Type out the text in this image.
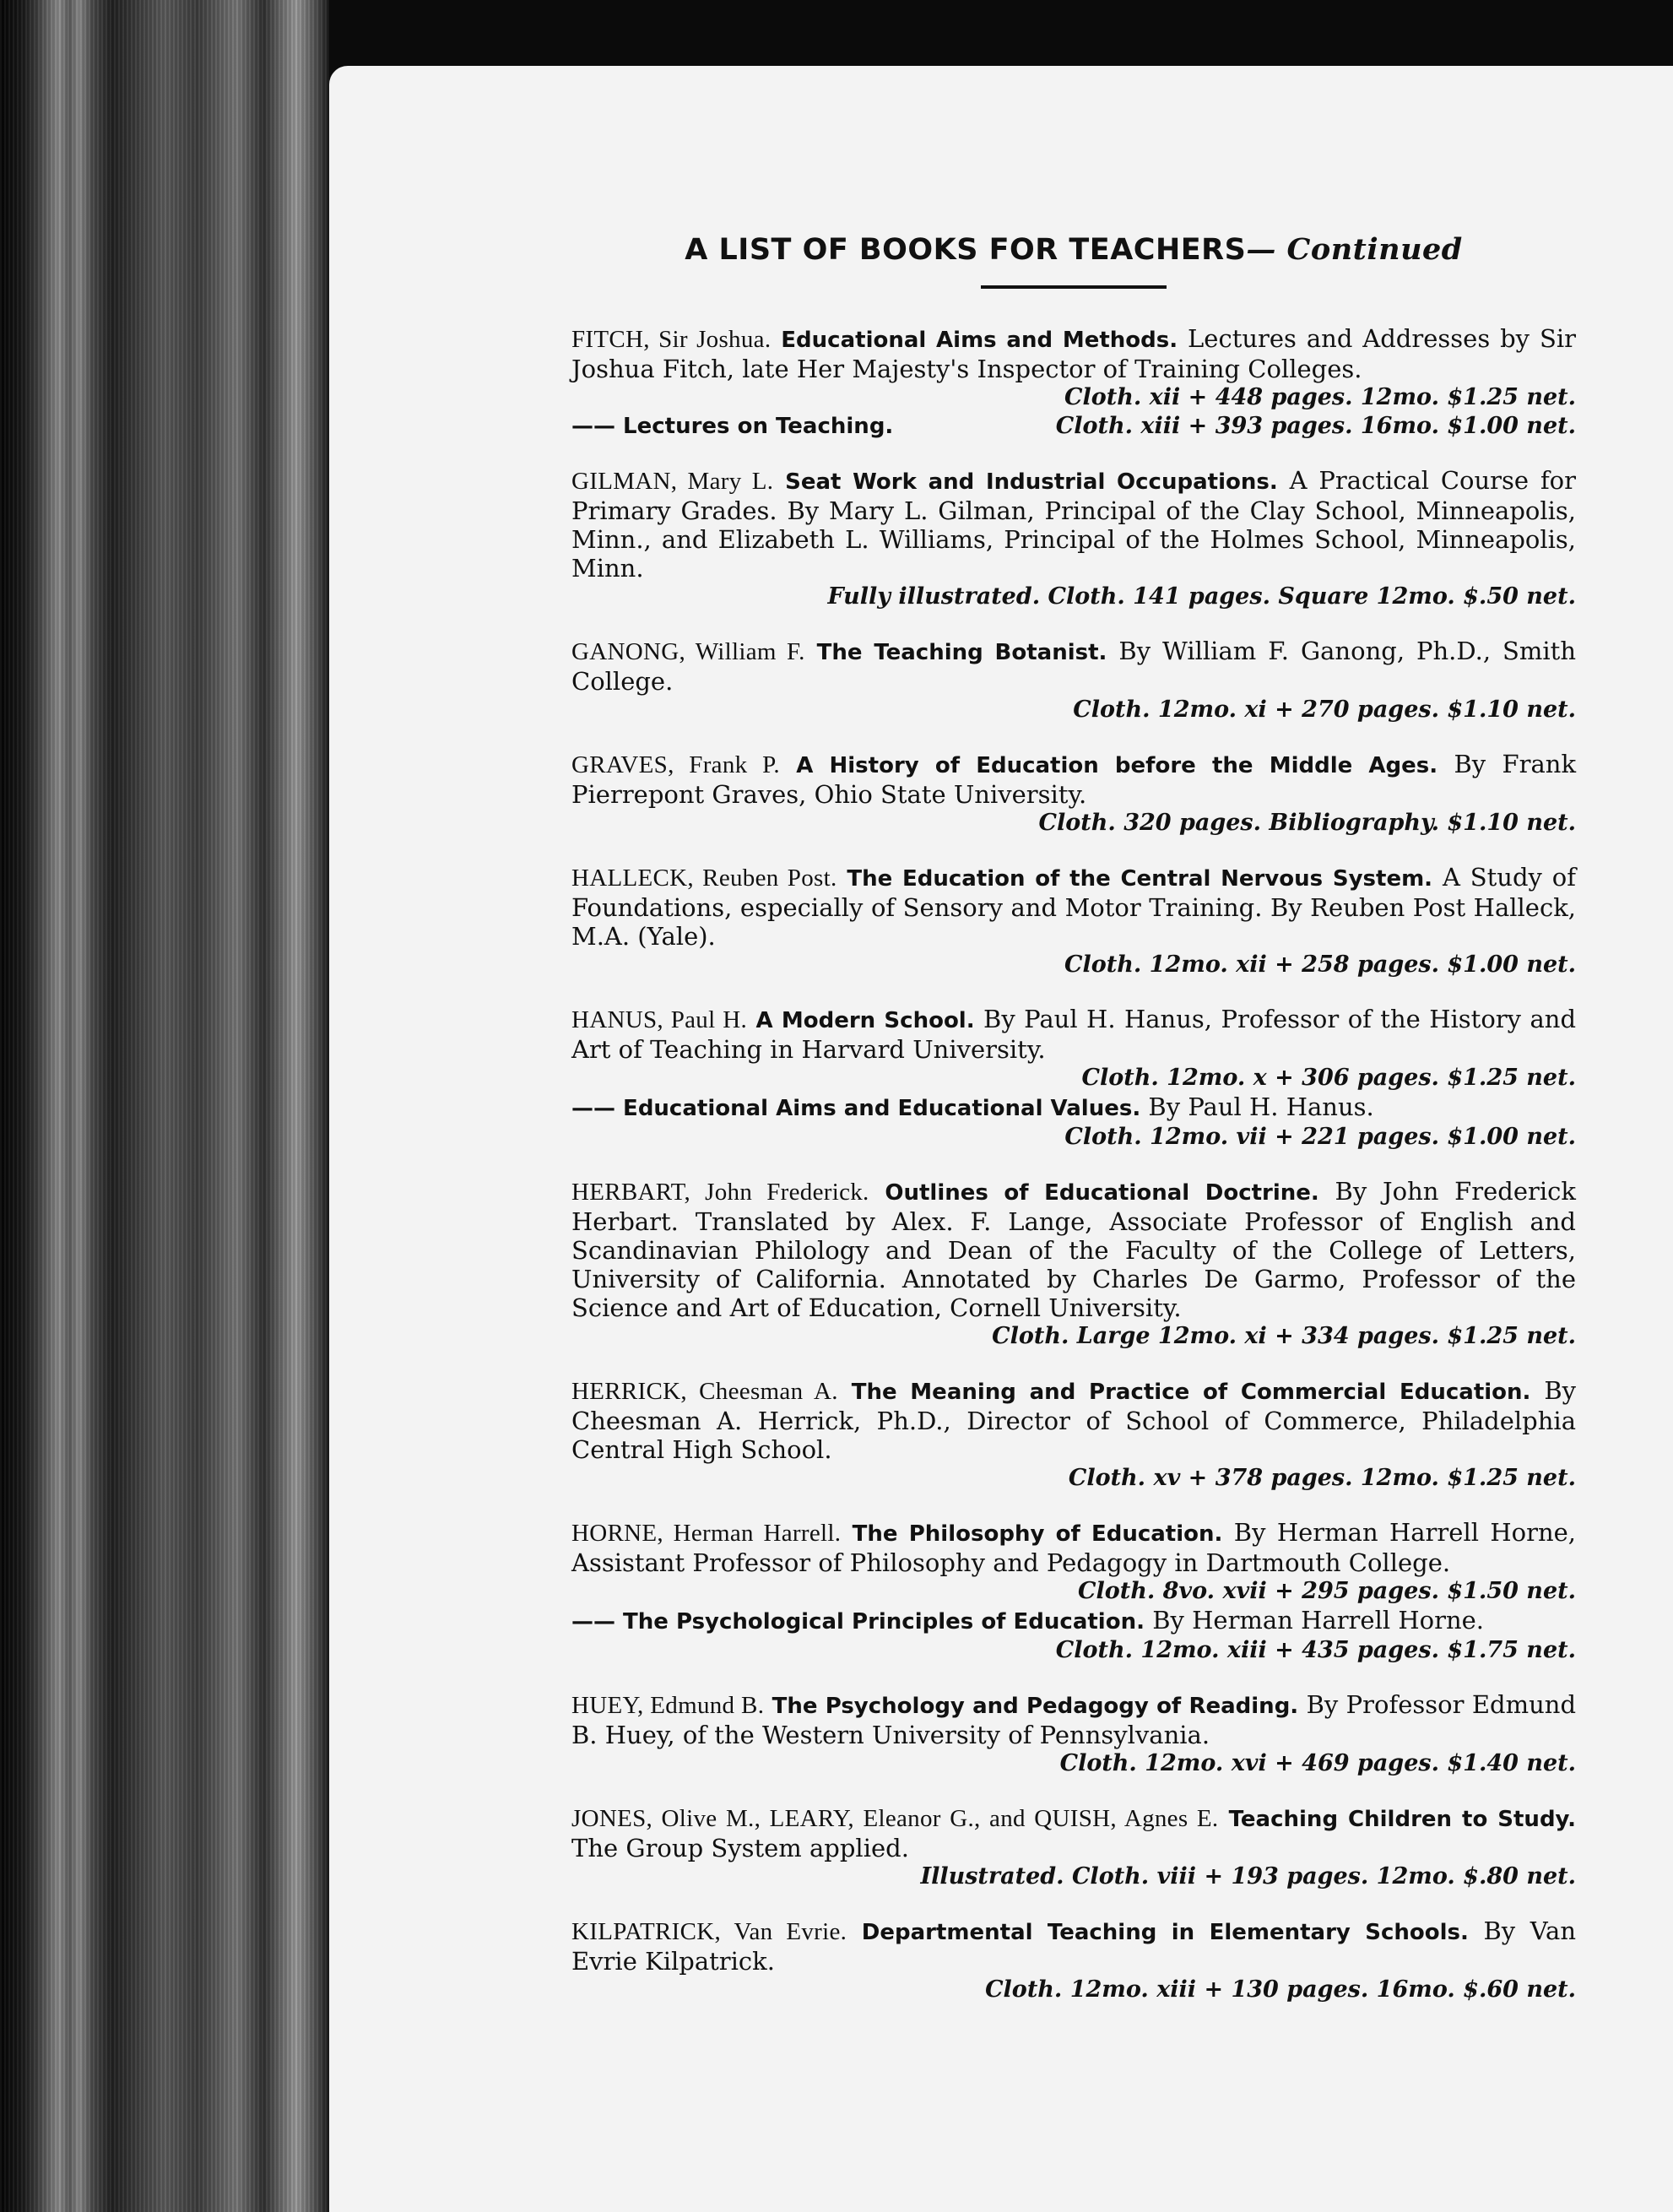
A LIST OF BOOKS FOR TEACHERS— Continued

FITCH, Sir Joshua. Educational Aims and Methods. Lectures and Addresses by Sir Joshua Fitch, late Her Majesty's Inspector of Training Colleges.

Cloth. xii + 448 pages. 12mo. $1.25 net.
—— Lectures on Teaching.	Cloth. xiii + 393 pages. 16mo. $1.00 net.

GILMAN, Mary L. Seat Work and Industrial Occupations. A Practical Course for Primary Grades. By Mary L. Gilman, Principal of the Clay School, Minneapolis, Minn., and Elizabeth L. Williams, Principal of the Holmes School, Minneapolis, Minn.

Fully illustrated. Cloth. 141 pages. Square 12mo. $.50 net.

GANONG, William F. The Teaching Botanist. By William F. Ganong, Ph.D., Smith College.

Cloth. 12mo. xi + 270 pages. $1.10 net.

GRAVES, Frank P. A History of Education before the Middle Ages. By Frank Pierrepont Graves, Ohio State University.

Cloth. 320 pages. Bibliography. $1.10 net.

HALLECK, Reuben Post. The Education of the Central Nervous System. A Study of Foundations, especially of Sensory and Motor Training. By Reuben Post Halleck, M.A. (Yale).

Cloth. 12mo. xii + 258 pages. $1.00 net.

HANUS, Paul H. A Modern School. By Paul H. Hanus, Professor of the History and Art of Teaching in Harvard University.

Cloth. 12mo. x + 306 pages. $1.25 net.

—— Educational Aims and Educational Values. By Paul H. Hanus.

Cloth. 12mo. vii + 221 pages. $1.00 net.

HERBART, John Frederick. Outlines of Educational Doctrine. By John Frederick Herbart. Translated by Alex. F. Lange, Associate Professor of English and Scandinavian Philology and Dean of the Faculty of the College of Letters, University of California. Annotated by Charles De Garmo, Professor of the Science and Art of Education, Cornell University.

Cloth. Large 12mo. xi + 334 pages. $1.25 net.

HERRICK, Cheesman A. The Meaning and Practice of Commercial Education. By Cheesman A. Herrick, Ph.D., Director of School of Commerce, Philadelphia Central High School.

Cloth. xv + 378 pages. 12mo. $1.25 net.

HORNE, Herman Harrell. The Philosophy of Education. By Herman Harrell Horne, Assistant Professor of Philosophy and Pedagogy in Dartmouth College.

Cloth. 8vo. xvii + 295 pages. $1.50 net.

—— The Psychological Principles of Education. By Herman Harrell Horne.

Cloth. 12mo. xiii + 435 pages. $1.75 net.

HUEY, Edmund B. The Psychology and Pedagogy of Reading. By Professor Edmund B. Huey, of the Western University of Pennsylvania.

Cloth. 12mo. xvi + 469 pages. $1.40 net.

JONES, Olive M., LEARY, Eleanor G., and QUISH, Agnes E. Teaching Children to Study. The Group System applied.

Illustrated. Cloth. viii + 193 pages. 12mo. $.80 net.

KILPATRICK, Van Evrie. Departmental Teaching in Elementary Schools. By Van Evrie Kilpatrick.

Cloth. 12mo. xiii + 130 pages. 16mo. $.60 net.
